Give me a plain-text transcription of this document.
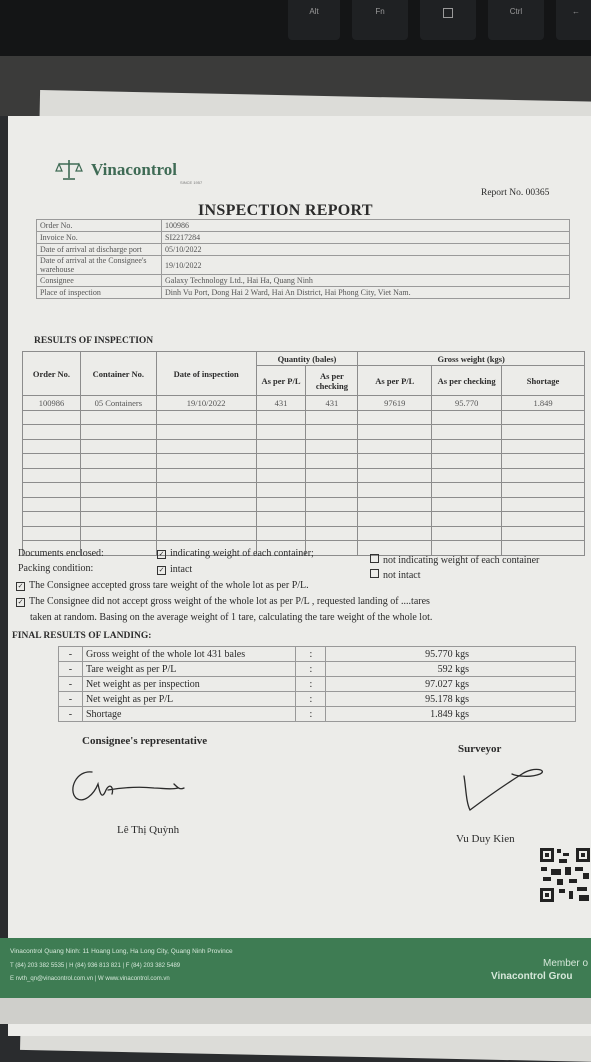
Alt	Fn	Ctrl	←
Vinacontrol
SINCE 1957
Report No. 00365
INSPECTION REPORT
Order No.	100986
Invoice No.	SI2217284
Date of arrival at discharge port	05/10/2022
Date of arrival at the Consignee's warehouse	19/10/2022
Consignee	Galaxy Technology Ltd., Hai Ha, Quang Ninh
Place of inspection	Dinh Vu Port, Dong Hai 2 Ward, Hai An District, Hai Phong City, Viet Nam.
RESULTS OF INSPECTION
Order No.	Container No.	Date of inspection	Quantity (bales)		Gross weight (kgs)		
			As per P/L	As per checking	As per P/L	As per checking	Shortage
100986	05 Containers	19/10/2022	431	431	97619	95.770	1.849

Documents enclosed:	✓ indicating weight of each container;
not indicating weight of each container
Packing condition:	✓ intact
not intact
✓ The Consignee accepted gross tare weight of the whole lot as per P/L.
✓ The Consignee did not accept gross weight of the whole lot as per P/L , requested landing of ....tares
taken at random. Basing on the average weight of 1 tare, calculating the tare weight of the whole lot.
FINAL RESULTS OF LANDING:
-	Gross weight of the whole lot 431 bales	:	95.770 kgs
-	Tare weight as per P/L	:	592 kgs
-	Net weight as per inspection	:	97.027 kgs
-	Net weight as per P/L	:	95.178 kgs
-	Shortage	:	1.849 kgs
Consignee's representative
Surveyor
Lê Thị Quỳnh
Vu Duy Kien
Vinacontrol Quang Ninh: 11 Hoang Long, Ha Long City, Quang Ninh Province
T (84) 203 382 5535 | H (84) 936 813 821 | F (84) 203 382 5489
E nvth_qn@vinacontrol.com.vn | W www.vinacontrol.com.vn
Member o
Vinacontrol Grou
